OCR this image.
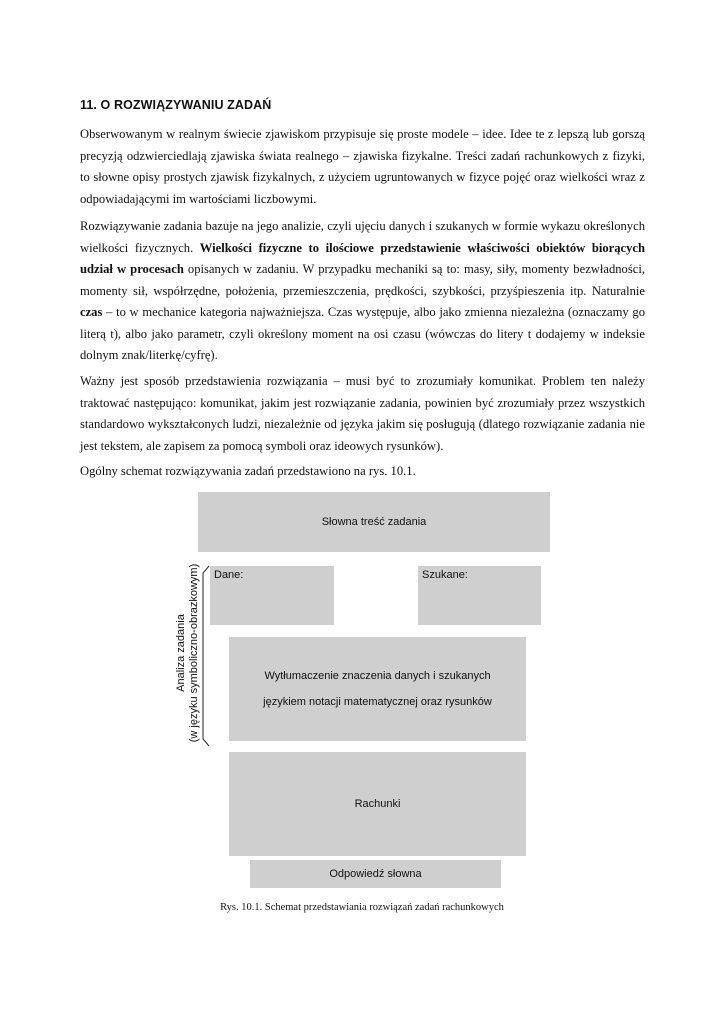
11. O ROZWIĄZYWANIU ZADAŃ

Obserwowanym w realnym świecie zjawiskom przypisuje się proste modele – idee. Idee te z lepszą lub gorszą precyzją odzwierciedlają zjawiska świata realnego – zjawiska fizykalne. Treści zadań rachunkowych z fizyki, to słowne opisy prostych zjawisk fizykalnych, z użyciem ugruntowanych w fizyce pojęć oraz wielkości wraz z odpowiadającymi im wartościami liczbowymi.

Rozwiązywanie zadania bazuje na jego analizie, czyli ujęciu danych i szukanych w formie wykazu określonych wielkości fizycznych. Wielkości fizyczne to ilościowe przedstawienie właściwości obiektów biorących udział w procesach opisanych w zadaniu. W przypadku mechaniki są to: masy, siły, momenty bezwładności, momenty sił, współrzędne, położenia, przemieszczenia, prędkości, szybkości, przyśpieszenia itp. Naturalnie czas – to w mechanice kategoria najważniejsza. Czas występuje, albo jako zmienna niezależna (oznaczamy go literą t), albo jako parametr, czyli określony moment na osi czasu (wówczas do litery t dodajemy w indeksie dolnym znak/literkę/cyfrę).

Ważny jest sposób przedstawienia rozwiązania – musi być to zrozumiały komunikat. Problem ten należy traktować następująco: komunikat, jakim jest rozwiązanie zadania, powinien być zrozumiały przez wszystkich standardowo wykształconych ludzi, niezależnie od języka jakim się posługują (dlatego rozwiązanie zadania nie jest tekstem, ale zapisem za pomocą symboli oraz ideowych rysunków).

Ogólny schemat rozwiązywania zadań przedstawiono na rys. 10.1.

Słowna treść zadania
Dane:	Szukane:
Wytłumaczenie znaczenia danych i szukanych
językiem notacji matematycznej oraz rysunków
Rachunki
Odpowiedź słowna
Analiza zadania (w języku symboliczno-obrazkowym)
Rys. 10.1. Schemat przedstawiania rozwiązań zadań rachunkowych
